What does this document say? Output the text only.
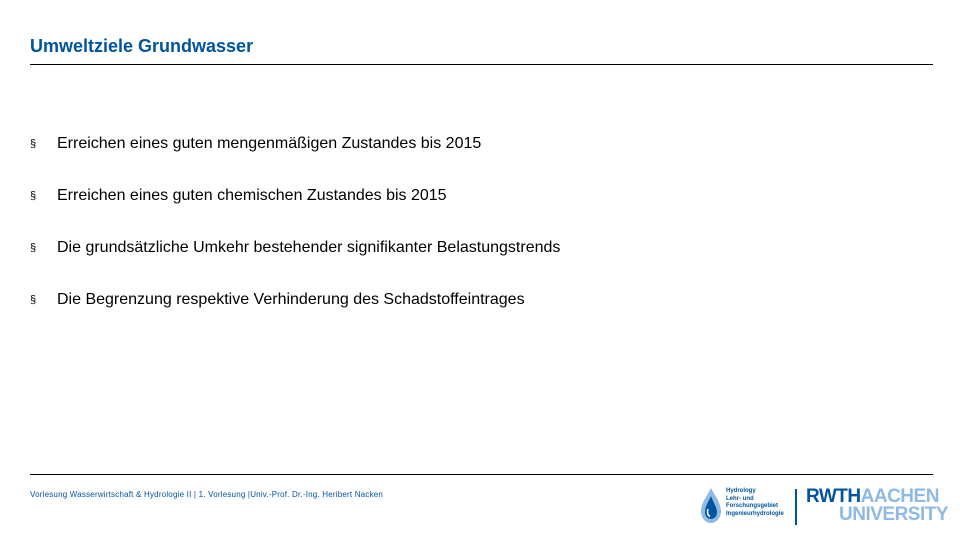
Umweltziele Grundwasser
§	Erreichen eines guten mengenmäßigen Zustandes bis 2015
§	Erreichen eines guten chemischen Zustandes bis 2015
§	Die grundsätzliche Umkehr bestehender signifikanter Belastungstrends
§	Die Begrenzung respektive Verhinderung des Schadstoffeintrages
Vorlesung Wasserwirtschaft & Hydrologie II | 1. Vorlesung |Univ.-Prof. Dr.-Ing. Heribert Nacken	Hydrology
Lehr- und
Forschungsgebiet
Ingenieurhydrologie
RWTHAACHEN
UNIVERSITY
